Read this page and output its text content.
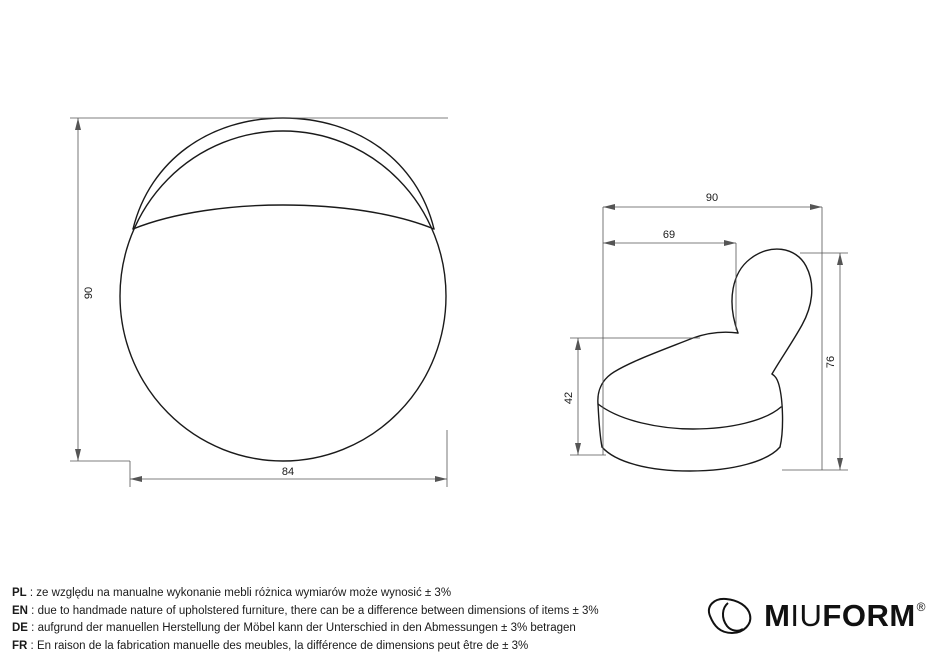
90
84
90
69
76
42
PL : ze względu na manualne wykonanie mebli różnica wymiarów może wynosić ± 3%
EN : due to handmade nature of upholstered furniture, there can be a difference between dimensions of items ± 3%
DE : aufgrund der manuellen Herstellung der Möbel kann der Unterschied in den Abmessungen ± 3% betragen
FR : En raison de la fabrication manuelle des meubles, la différence de dimensions peut être de ± 3%
M IU FORM ®
